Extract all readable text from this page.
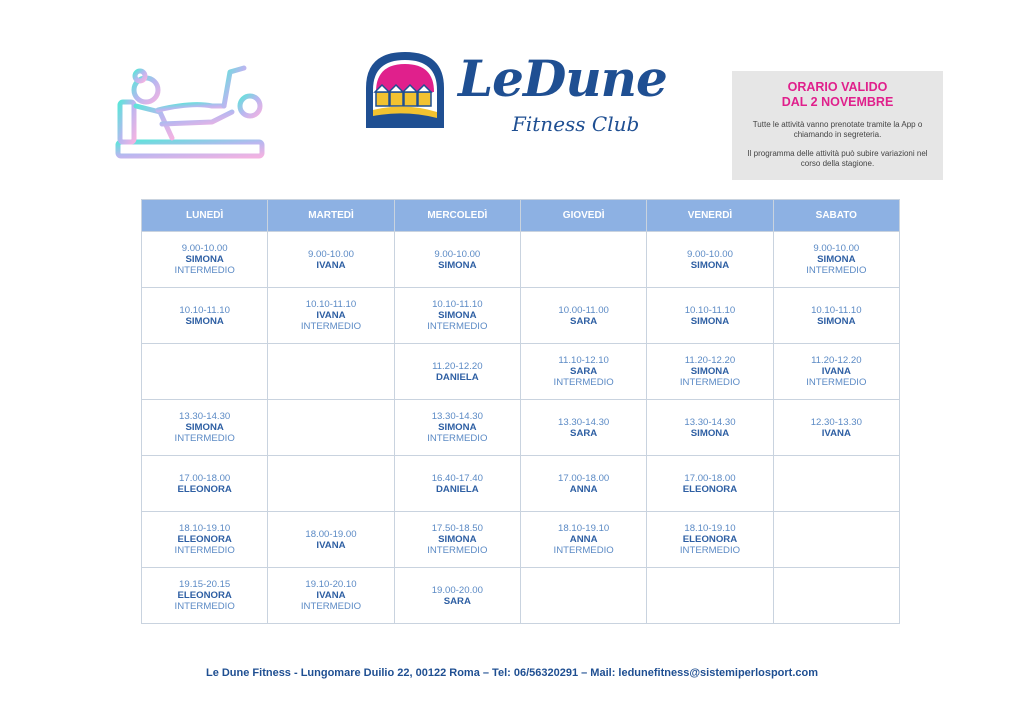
LeDune
Fitness Club
ORARIO VALIDO
DAL 2 NOVEMBRE

Tutte le attività vanno prenotate tramite la App o chiamando in segreteria.

Il programma delle attività può subire variazioni nel corso della stagione.

LUNEDÌ	MARTEDÌ	MERCOLEDÌ	GIOVEDÌ	VENERDÌ	SABATO

9.00-10.00
SIMONA
INTERMEDIO	9.00-10.00
IVANA	9.00-10.00
SIMONA		9.00-10.00
SIMONA	9.00-10.00
SIMONA
INTERMEDIO

10.10-11.10
SIMONA	10.10-11.10
IVANA
INTERMEDIO	10.10-11.10
SIMONA
INTERMEDIO	10.00-11.00
SARA	10.10-11.10
SIMONA	10.10-11.10
SIMONA

		11.20-12.20
DANIELA	11.10-12.10
SARA
INTERMEDIO	11.20-12.20
SIMONA
INTERMEDIO	11.20-12.20
IVANA
INTERMEDIO

13.30-14.30
SIMONA
INTERMEDIO		13.30-14.30
SIMONA
INTERMEDIO	13.30-14.30
SARA	13.30-14.30
SIMONA	12.30-13.30
IVANA

17.00-18.00
ELEONORA		16.40-17.40
DANIELA	17.00-18.00
ANNA	17.00-18.00
ELEONORA	

18.10-19.10
ELEONORA
INTERMEDIO	18.00-19.00
IVANA	17.50-18.50
SIMONA
INTERMEDIO	18.10-19.10
ANNA
INTERMEDIO	18.10-19.10
ELEONORA
INTERMEDIO	

19.15-20.15
ELEONORA
INTERMEDIO	19.10-20.10
IVANA
INTERMEDIO	19.00-20.00
SARA			

Le Dune Fitness - Lungomare Duilio 22, 00122 Roma – Tel: 06/56320291 – Mail: ledunefitness@sistemiperlosport.com
